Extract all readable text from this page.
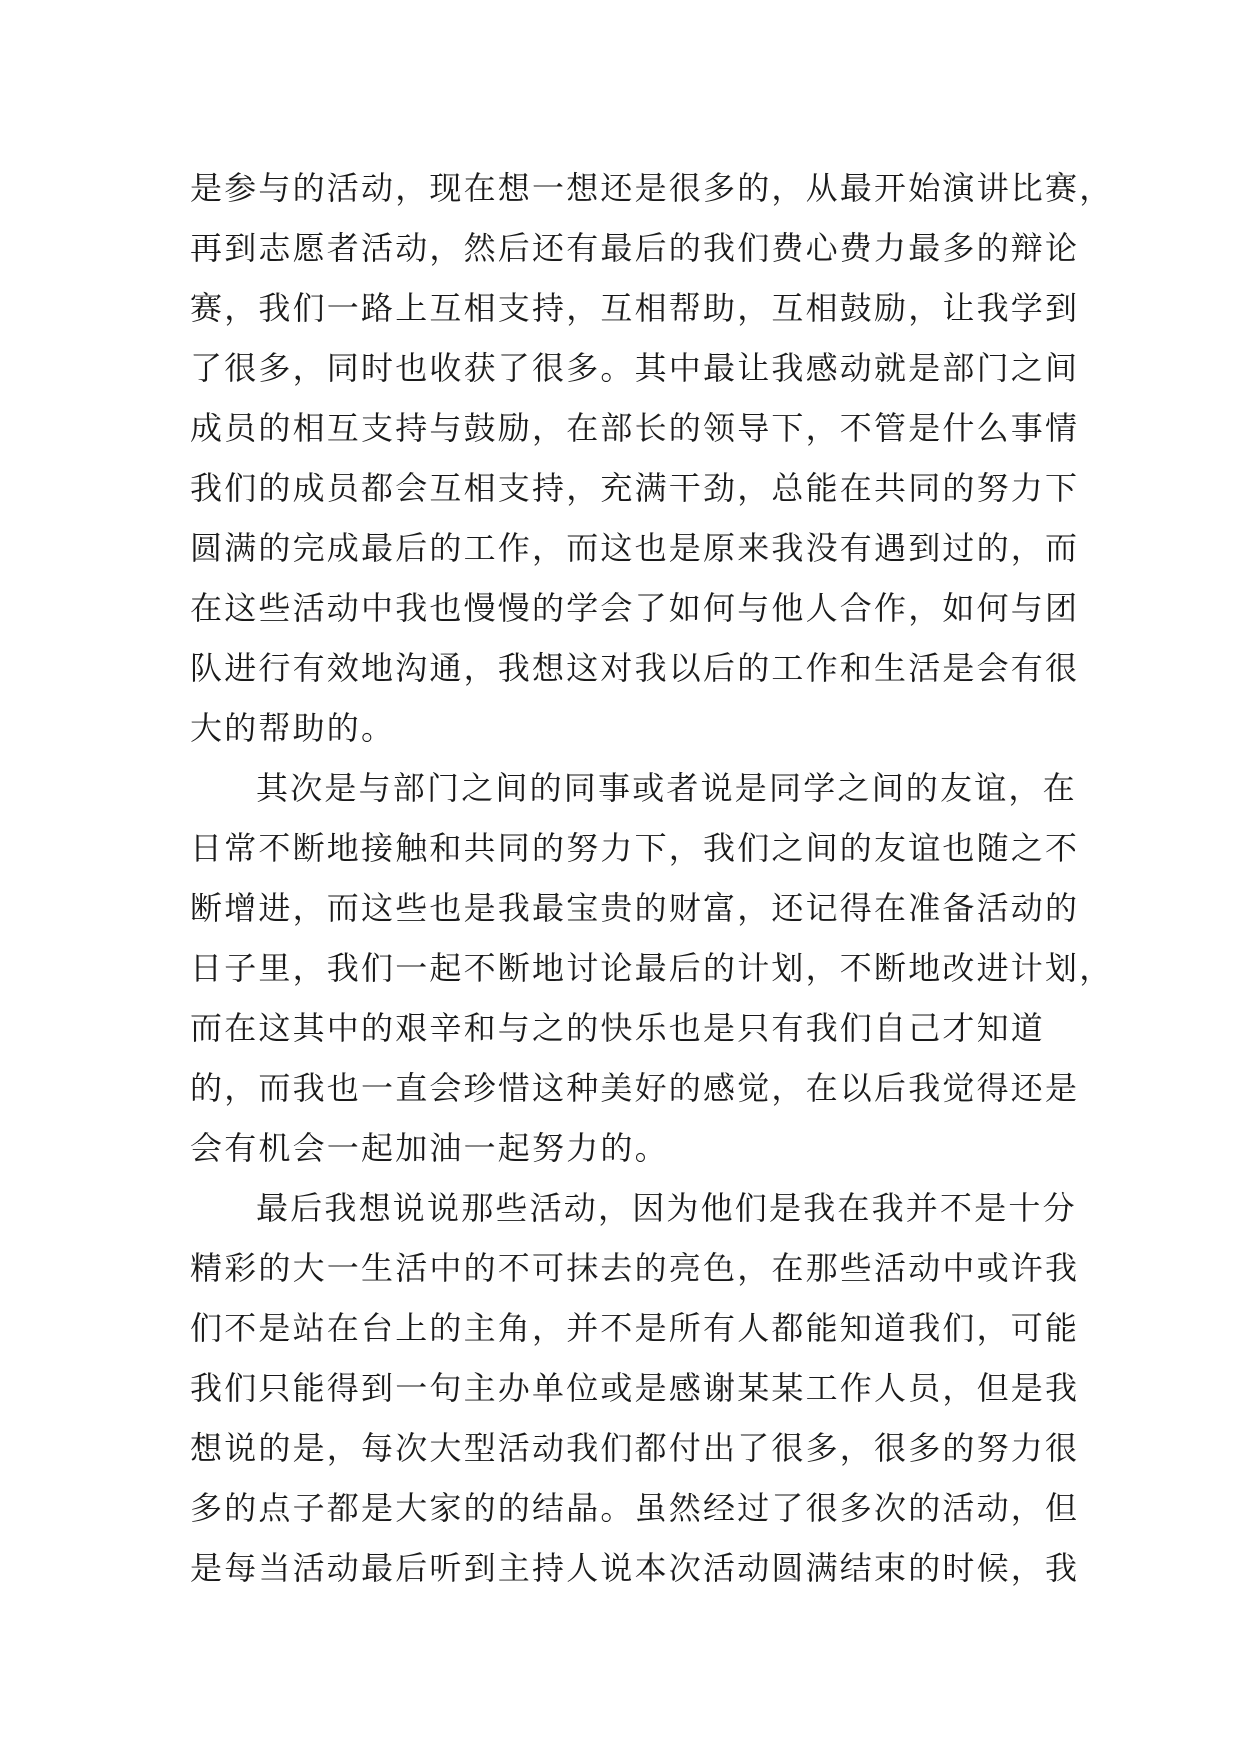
是参与的活动，现在想一想还是很多的，从最开始演讲比赛，
再到志愿者活动，然后还有最后的我们费心费力最多的辩论
赛，我们一路上互相支持，互相帮助，互相鼓励，让我学到
了很多，同时也收获了很多。其中最让我感动就是部门之间
成员的相互支持与鼓励，在部长的领导下，不管是什么事情
我们的成员都会互相支持，充满干劲，总能在共同的努力下
圆满的完成最后的工作，而这也是原来我没有遇到过的，而
在这些活动中我也慢慢的学会了如何与他人合作，如何与团
队进行有效地沟通，我想这对我以后的工作和生活是会有很
大的帮助的。
其次是与部门之间的同事或者说是同学之间的友谊，在
日常不断地接触和共同的努力下，我们之间的友谊也随之不
断增进，而这些也是我最宝贵的财富，还记得在准备活动的
日子里，我们一起不断地讨论最后的计划，不断地改进计划，
而在这其中的艰辛和与之的快乐也是只有我们自己才知道
的，而我也一直会珍惜这种美好的感觉，在以后我觉得还是
会有机会一起加油一起努力的。
最后我想说说那些活动，因为他们是我在我并不是十分
精彩的大一生活中的不可抹去的亮色，在那些活动中或许我
们不是站在台上的主角，并不是所有人都能知道我们，可能
我们只能得到一句主办单位或是感谢某某工作人员，但是我
想说的是，每次大型活动我们都付出了很多，很多的努力很
多的点子都是大家的的结晶。虽然经过了很多次的活动，但
是每当活动最后听到主持人说本次活动圆满结束的时候，我
